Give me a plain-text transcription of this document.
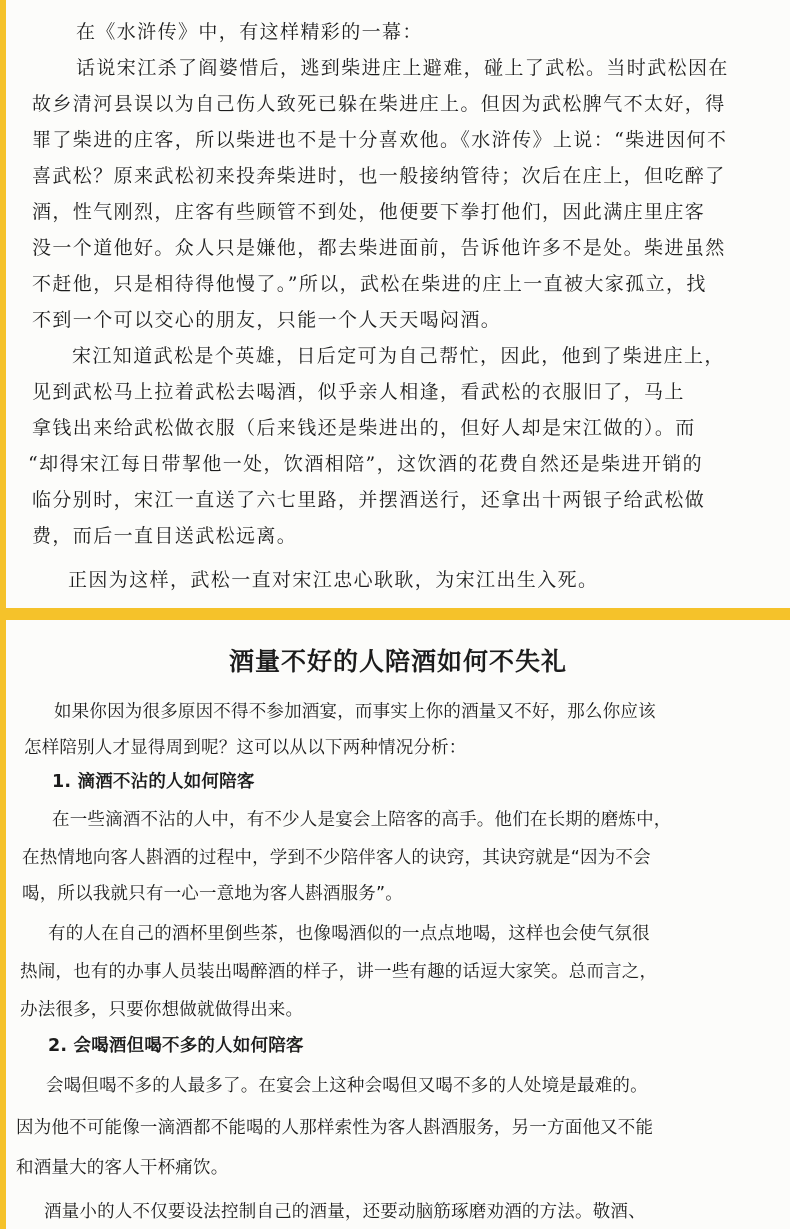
在《水浒传》中，有这样精彩的一幕：
话说宋江杀了阎婆惜后，逃到柴进庄上避难，碰上了武松。当时武松因在
故乡清河县误以为自己伤人致死已躲在柴进庄上。但因为武松脾气不太好，得
罪了柴进的庄客，所以柴进也不是十分喜欢他。《水浒传》上说：“柴进因何不
喜武松？原来武松初来投奔柴进时，也一般接纳管待；次后在庄上，但吃醉了
酒，性气刚烈，庄客有些顾管不到处，他便要下拳打他们，因此满庄里庄客
没一个道他好。众人只是嫌他，都去柴进面前，告诉他许多不是处。柴进虽然
不赶他，只是相待得他慢了。”所以，武松在柴进的庄上一直被大家孤立，找
不到一个可以交心的朋友，只能一个人天天喝闷酒。
宋江知道武松是个英雄，日后定可为自己帮忙，因此，他到了柴进庄上，
见到武松马上拉着武松去喝酒，似乎亲人相逢，看武松的衣服旧了，马上
拿钱出来给武松做衣服（后来钱还是柴进出的，但好人却是宋江做的）。而
“却得宋江每日带挈他一处，饮酒相陪”，这饮酒的花费自然还是柴进开销的
临分别时，宋江一直送了六七里路，并摆酒送行，还拿出十两银子给武松做
费，而后一直目送武松远离。
正因为这样，武松一直对宋江忠心耿耿，为宋江出生入死。
酒量不好的人陪酒如何不失礼
如果你因为很多原因不得不参加酒宴，而事实上你的酒量又不好，那么你应该
怎样陪别人才显得周到呢？这可以从以下两种情况分析：
1. 滴酒不沾的人如何陪客
在一些滴酒不沾的人中，有不少人是宴会上陪客的高手。他们在长期的磨炼中，
在热情地向客人斟酒的过程中，学到不少陪伴客人的诀窍，其诀窍就是“因为不会
喝，所以我就只有一心一意地为客人斟酒服务”。
有的人在自己的酒杯里倒些茶，也像喝酒似的一点点地喝，这样也会使气氛很
热闹，也有的办事人员装出喝醉酒的样子，讲一些有趣的话逗大家笑。总而言之，
办法很多，只要你想做就做得出来。
2. 会喝酒但喝不多的人如何陪客
会喝但喝不多的人最多了。在宴会上这种会喝但又喝不多的人处境是最难的。
因为他不可能像一滴酒都不能喝的人那样索性为客人斟酒服务，另一方面他又不能
和酒量大的客人干杯痛饮。
酒量小的人不仅要设法控制自己的酒量，还要动脑筋琢磨劝酒的方法。敬酒、
